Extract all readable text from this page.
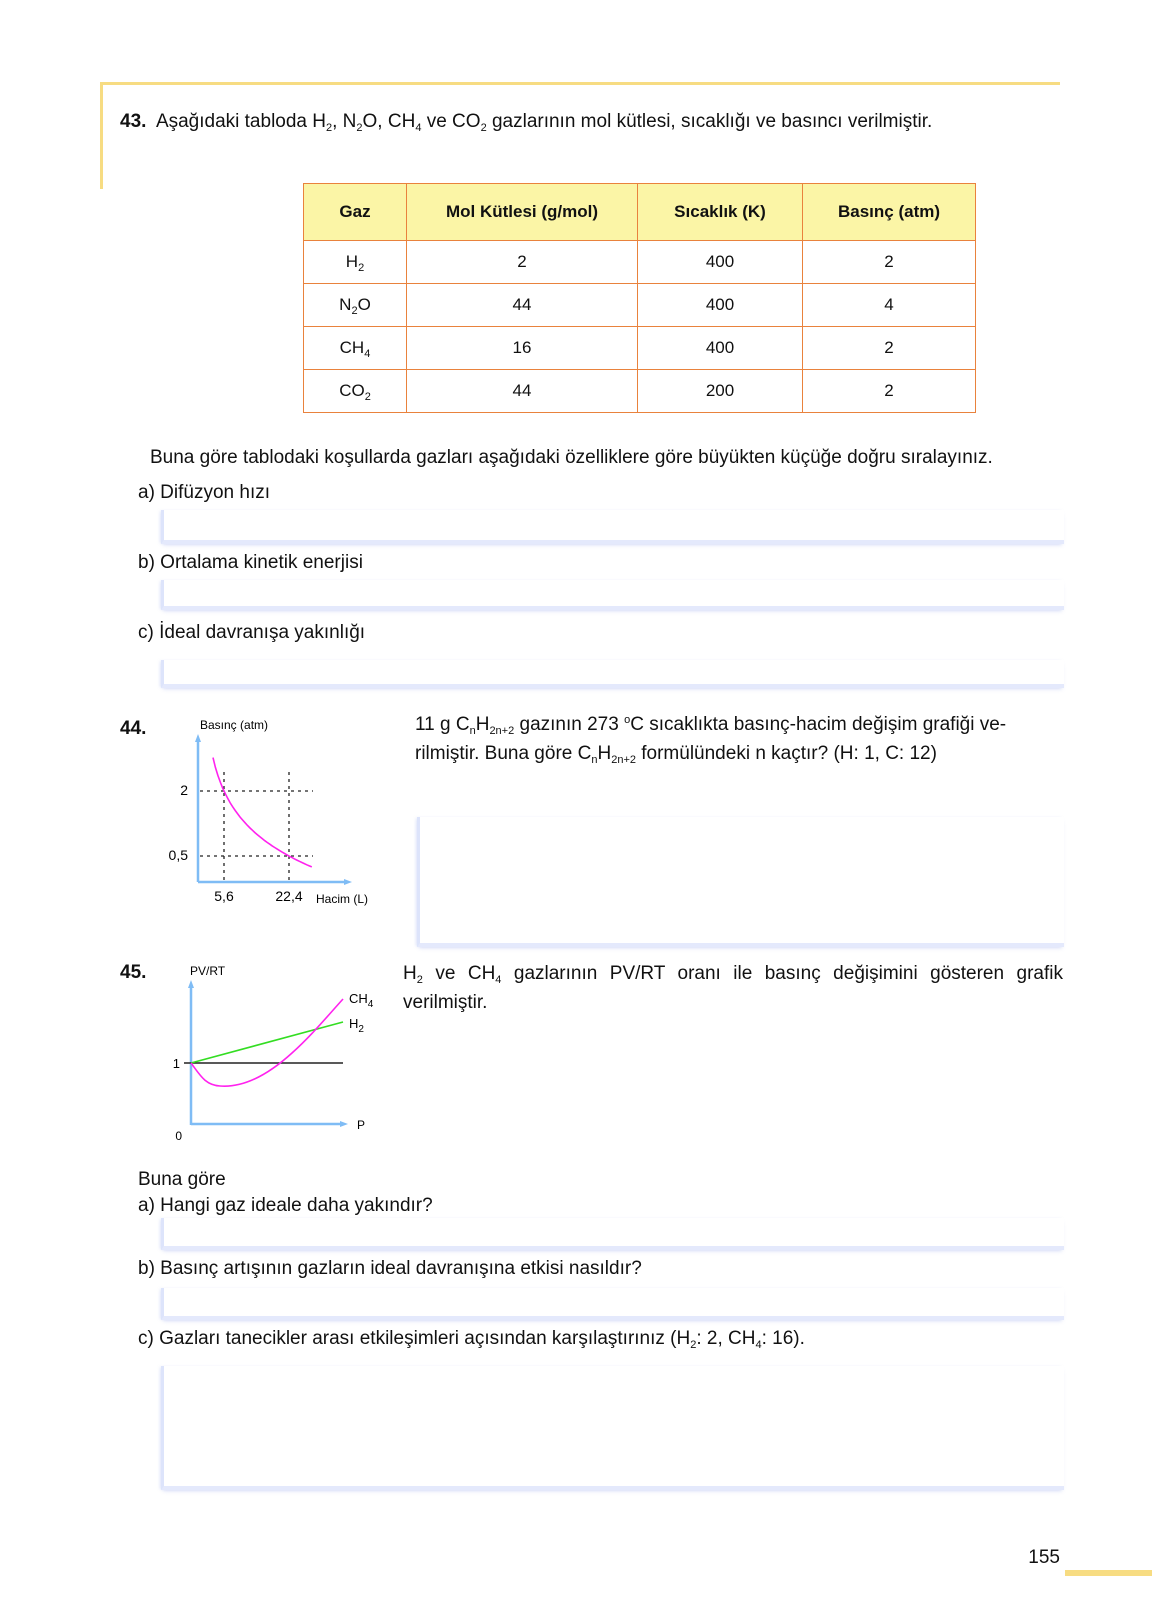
43. Aşağıdaki tabloda $H_2$, $N_2O$, $CH_4$ ve $CO_2$ gazlarının mol kütlesi, sıcaklığı ve basıncı verilmiştir.
Gaz	Mol Kütlesi (g/mol)	Sıcaklık (K)	Basınç (atm)
$H_2$	2	400	2
$N_2O$	44	400	4
$CH_4$	16	400	2
$CO_2$	44	200	2
Buna göre tablodaki koşullarda gazları aşağıdaki özelliklere göre büyükten küçüğe doğru sıralayınız.
a) Difüzyon hızı
b) Ortalama kinetik enerjisi
c) İdeal davranışa yakınlığı
44.	Basınç (atm)
2
0,5
5,6	22,4 Hacim (L)
11 g $C_nH_{2n+2}$ gazının 273 $^o$C sıcaklıkta basınç-hacim değişim grafiği ve-
rilmiştir. Buna göre $C_nH_{2n+2}$ formülündeki n kaçtır? (H: 1, C: 12)
45.	PV/RT
1
0
P
$CH_4$
$H_2$
$H_2$ ve $CH_4$ gazlarının PV/RT oranı ile basınç değişimini gösteren grafik
verilmiştir.
Buna göre
a) Hangi gaz ideale daha yakındır?
b) Basınç artışının gazların ideal davranışına etkisi nasıldır?
c) Gazları tanecikler arası etkileşimleri açısından karşılaştırınız ($H_2$: 2, $CH_4$: 16).
155
